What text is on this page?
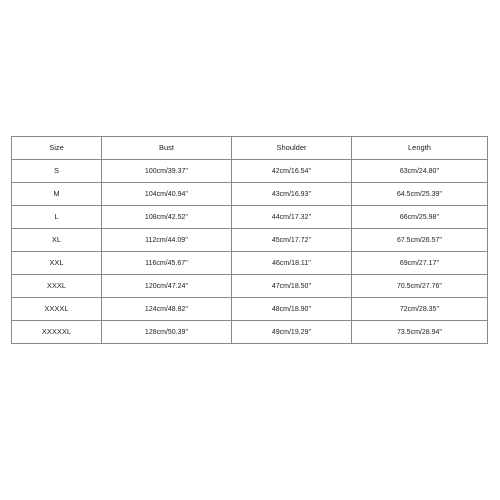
Size	Bust	Shoulder	Length
S	100cm/39.37''	42cm/16.54''	63cm/24.80''
M	104cm/40.94''	43cm/16.93''	64.5cm/25.39''
L	108cm/42.52''	44cm/17.32''	66cm/25.98''
XL	112cm/44.09''	45cm/17.72''	67.5cm/26.57''
XXL	116cm/45.67''	46cm/18.11''	69cm/27.17''
XXXL	120cm/47.24''	47cm/18.50''	70.5cm/27.76''
XXXXL	124cm/48.82''	48cm/18.90''	72cm/28.35''
XXXXXL	128cm/50.39''	49cm/19.29''	73.5cm/28.94''
